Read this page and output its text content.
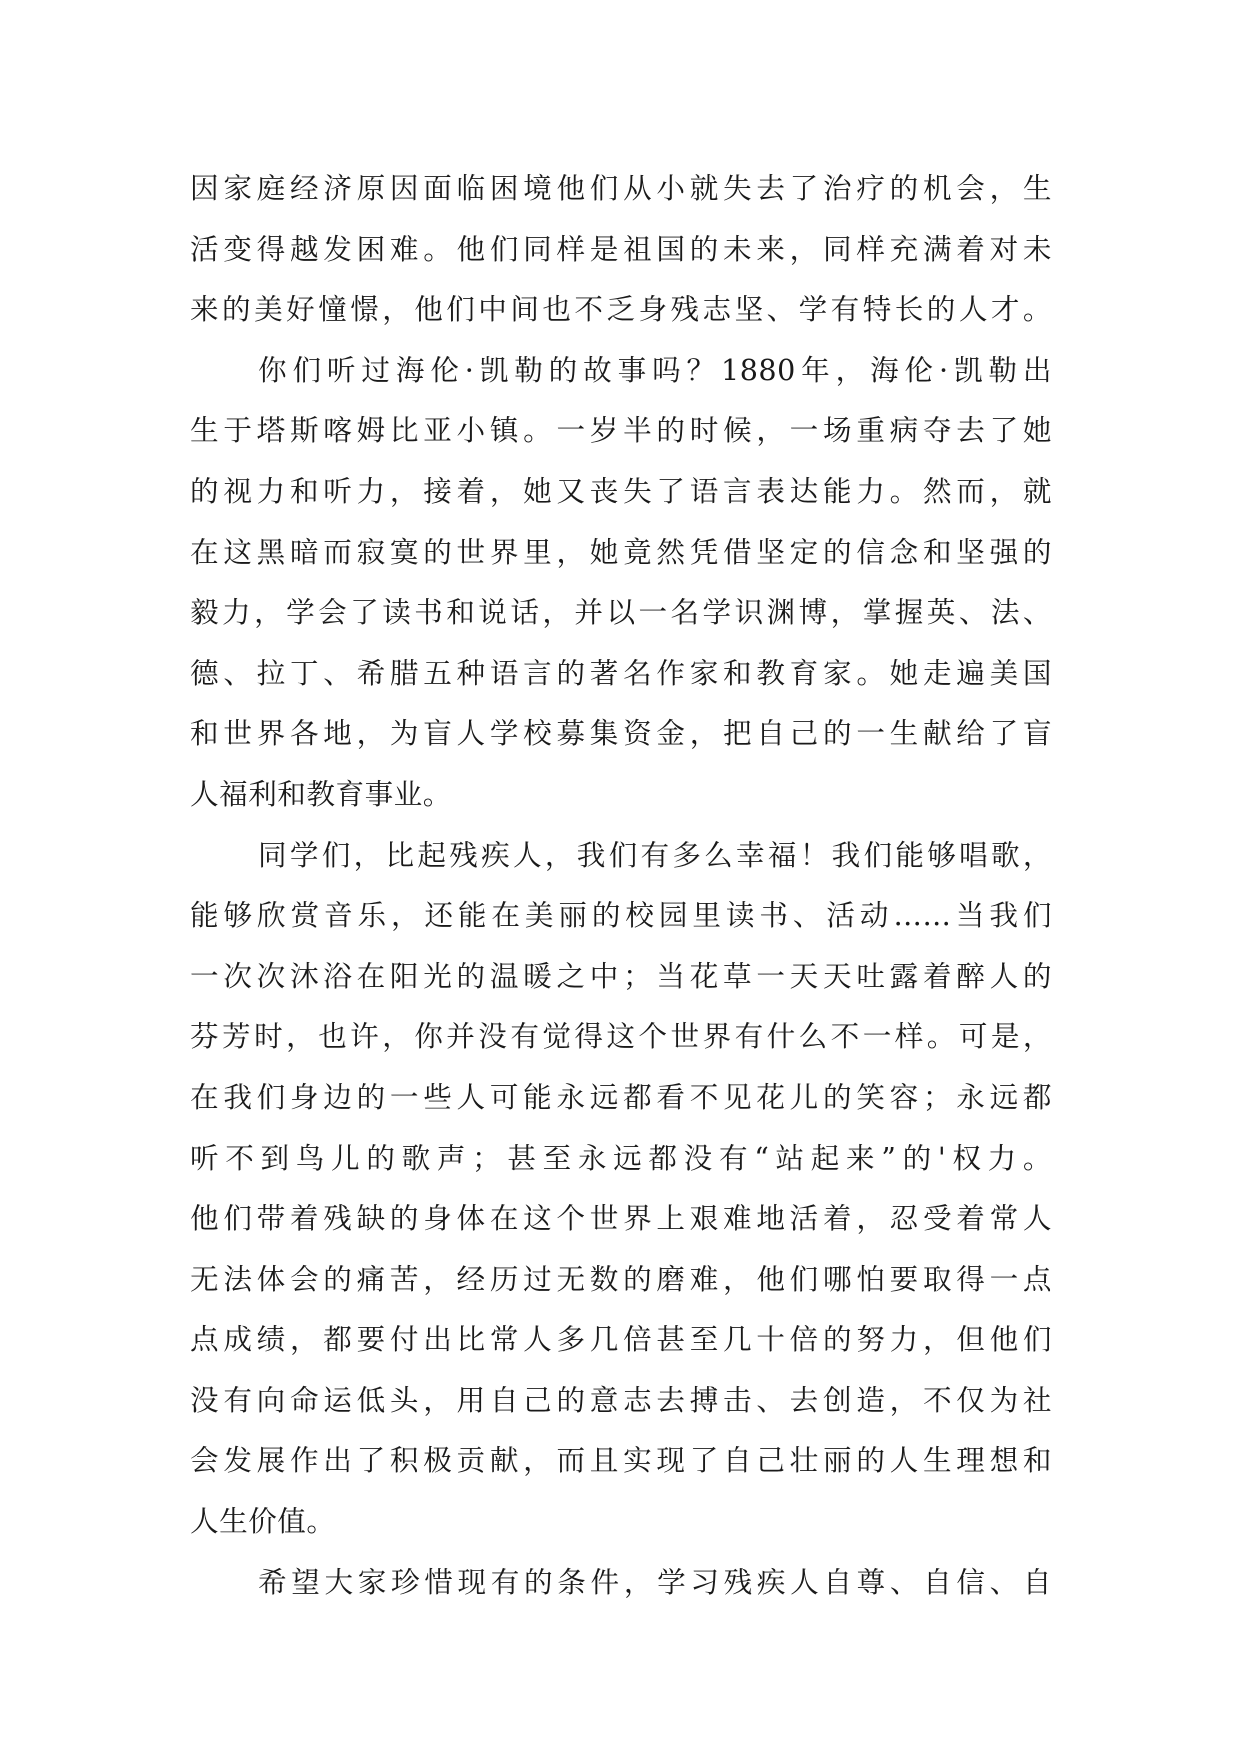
因家庭经济原因面临困境他们从小就失去了治疗的机会，生
活变得越发困难。他们同样是祖国的未来，同样充满着对未
来的美好憧憬，他们中间也不乏身残志坚、学有特长的人才。
你们听过海伦·凯勒的故事吗？1880年，海伦·凯勒出
生于塔斯喀姆比亚小镇。一岁半的时候，一场重病夺去了她
的视力和听力，接着，她又丧失了语言表达能力。然而，就
在这黑暗而寂寞的世界里，她竟然凭借坚定的信念和坚强的
毅力，学会了读书和说话，并以一名学识渊博，掌握英、法、
德、拉丁、希腊五种语言的著名作家和教育家。她走遍美国
和世界各地，为盲人学校募集资金，把自己的一生献给了盲
人福利和教育事业。
同学们，比起残疾人，我们有多么幸福！我们能够唱歌，
能够欣赏音乐，还能在美丽的校园里读书、活动……当我们
一次次沐浴在阳光的温暖之中；当花草一天天吐露着醉人的
芬芳时，也许，你并没有觉得这个世界有什么不一样。可是，
在我们身边的一些人可能永远都看不见花儿的笑容；永远都
听不到鸟儿的歌声；甚至永远都没有“站起来”的'权力。
他们带着残缺的身体在这个世界上艰难地活着，忍受着常人
无法体会的痛苦，经历过无数的磨难，他们哪怕要取得一点
点成绩，都要付出比常人多几倍甚至几十倍的努力，但他们
没有向命运低头，用自己的意志去搏击、去创造，不仅为社
会发展作出了积极贡献，而且实现了自己壮丽的人生理想和
人生价值。
希望大家珍惜现有的条件，学习残疾人自尊、自信、自
